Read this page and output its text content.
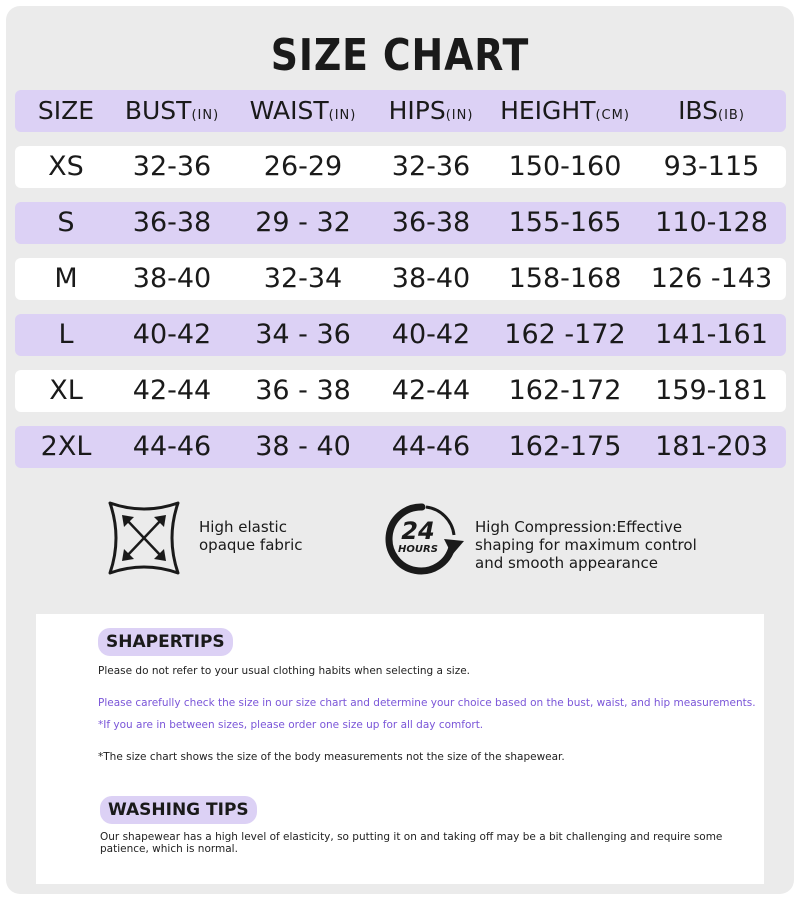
SIZE CHART
SIZE	BUST(IN)	WAIST(IN)	HIPS(IN)	HEIGHT(CM)	IBS(IB)
XS	32-36	26-29	32-36	150-160	93-115
S	36-38	29 - 32	36-38	155-165	110-128
M	38-40	32-34	38-40	158-168	126 -143
L	40-42	34 - 36	40-42	162 -172	141-161
XL	42-44	36 - 38	42-44	162-172	159-181
2XL	44-46	38 - 40	44-46	162-175	181-203
High elastic
opaque fabric	24
HOURS
High Compression:Effective
shaping for maximum control
and smooth appearance
SHAPERTIPS
Please do not refer to your usual clothing habits when selecting a size.
Please carefully check the size in our size chart and determine your choice based on the bust, waist, and hip measurements.
*If you are in between sizes, please order one size up for all day comfort.
*The size chart shows the size of the body measurements not the size of the shapewear.
WASHING TIPS
Our shapewear has a high level of elasticity, so putting it on and taking off may be a bit challenging and require some
patience, which is normal.
